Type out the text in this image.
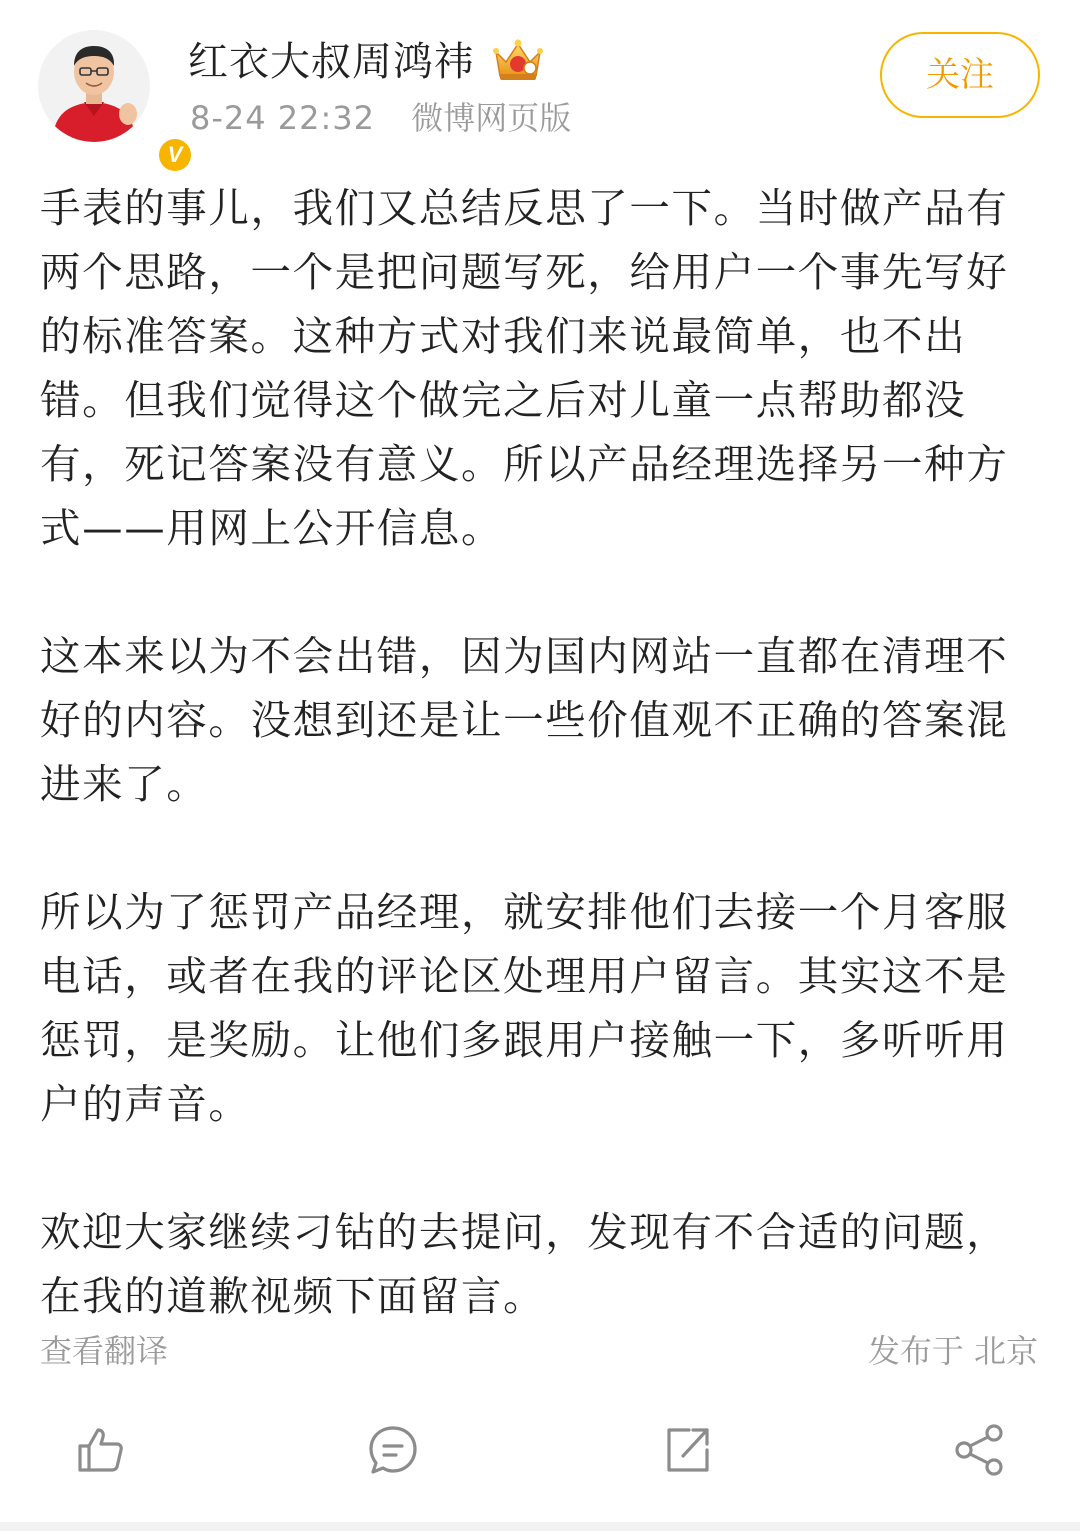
V
红衣大叔周鸿祎
8-24 22:32 微博网页版
关注

手表的事儿，我们又总结反思了一下。当时做产品有两个思路，一个是把问题写死，给用户一个事先写好的标准答案。这种方式对我们来说最简单，也不出错。但我们觉得这个做完之后对儿童一点帮助都没有，死记答案没有意义。所以产品经理选择另一种方式——用网上公开信息。

这本来以为不会出错，因为国内网站一直都在清理不好的内容。没想到还是让一些价值观不正确的答案混进来了。

所以为了惩罚产品经理，就安排他们去接一个月客服电话，或者在我的评论区处理用户留言。其实这不是惩罚，是奖励。让他们多跟用户接触一下，多听听用户的声音。

欢迎大家继续刁钻的去提问，发现有不合适的问题，在我的道歉视频下面留言。

查看翻译	发布于 北京
